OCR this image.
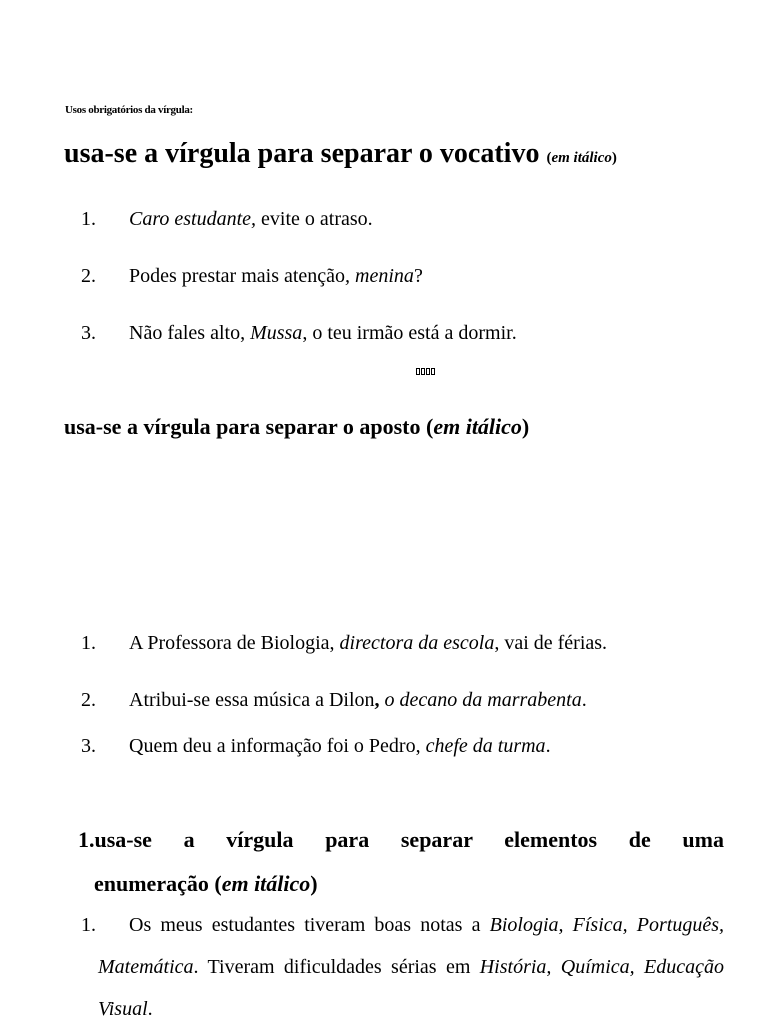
Usos obrigatórios da vírgula:
usa-se a vírgula para separar o vocativo (em itálico)
1. Caro estudante, evite o atraso.
2. Podes prestar mais atenção, menina?
3. Não fales alto, Mussa, o teu irmão está a dormir.
usa-se a vírgula para separar o aposto (em itálico)
1. A Professora de Biologia, directora da escola, vai de férias.
2. Atribui-se essa música a Dilon, o decano da marrabenta.
3. Quem deu a informação foi o Pedro, chefe da turma.
1.usa-se a vírgula para separar elementos de uma
enumeração (em itálico)
1.	Os meus estudantes tiveram boas notas a Biologia, Física, Português, Matemática. Tiveram dificuldades sérias em História, Química, Educação Visual.
